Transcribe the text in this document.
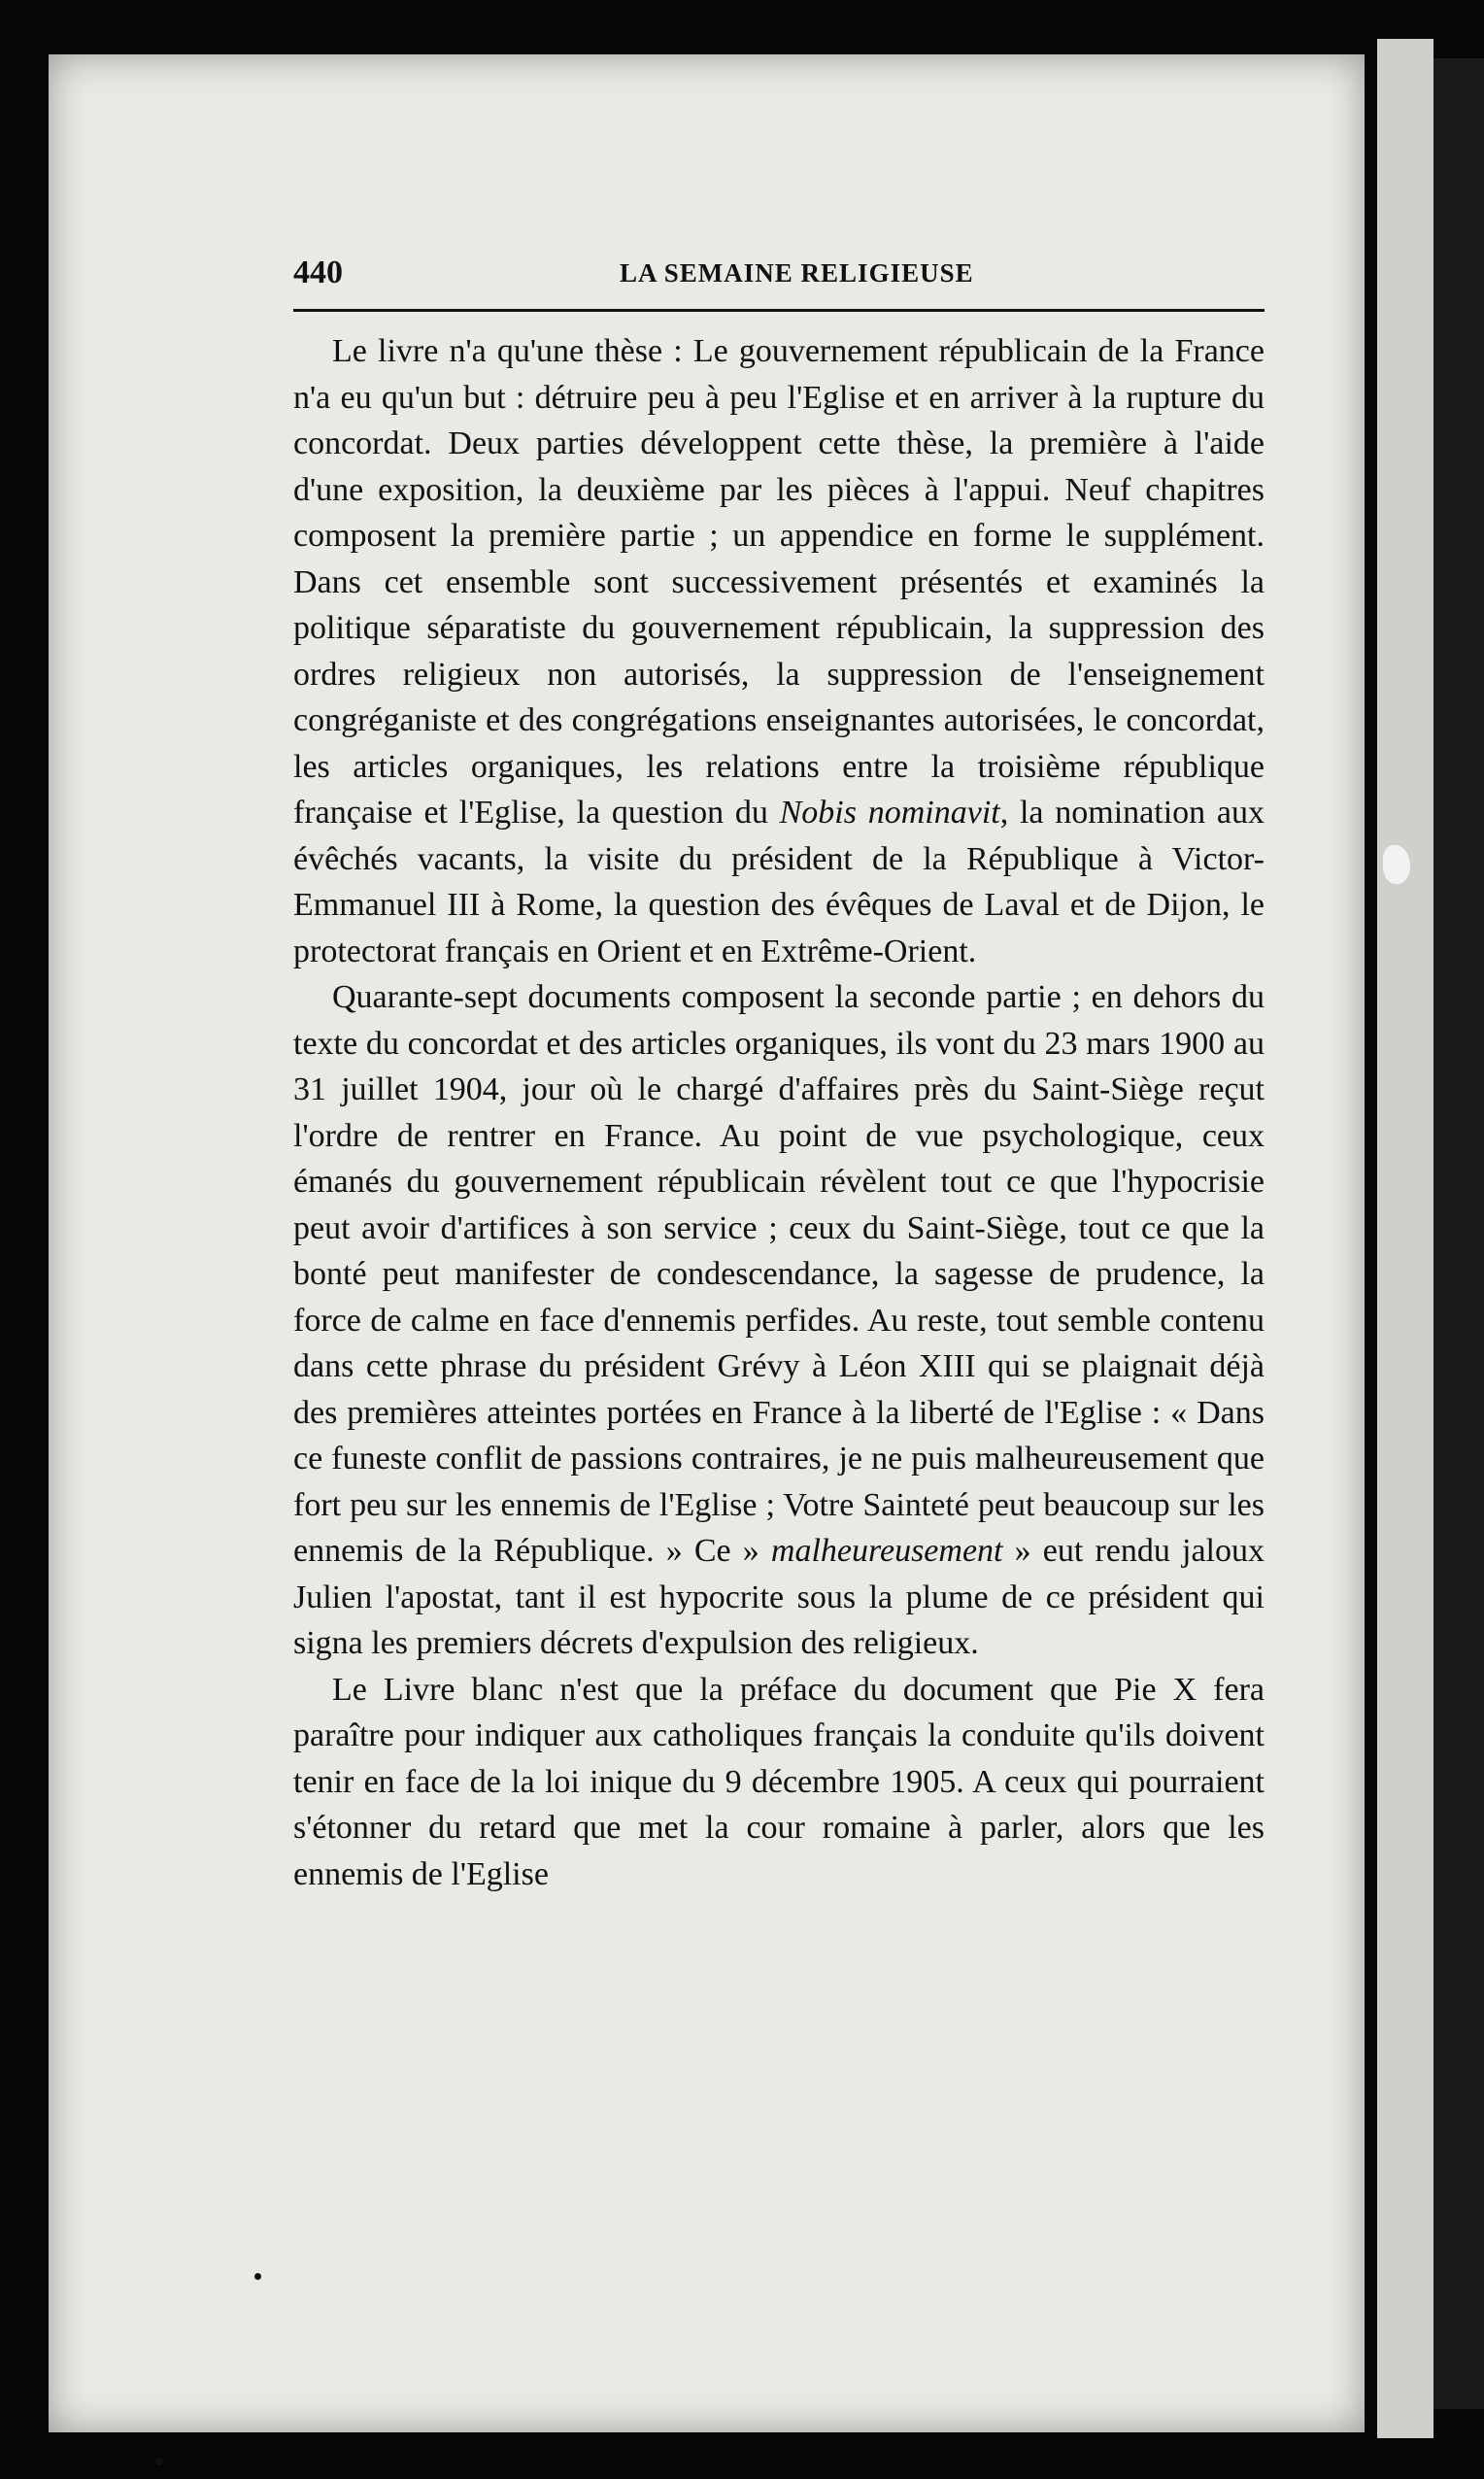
440	LA SEMAINE RELIGIEUSE

Le livre n'a qu'une thèse : Le gouvernement républicain de la France n'a eu qu'un but : détruire peu à peu l'Eglise et en arriver à la rupture du concordat. Deux parties développent cette thèse, la première à l'aide d'une exposition, la deuxième par les pièces à l'appui. Neuf chapitres composent la première partie ; un appendice en forme le supplément. Dans cet ensemble sont successivement présentés et examinés la politique séparatiste du gouvernement républicain, la suppression des ordres religieux non autorisés, la suppression de l'enseignement congréganiste et des congrégations enseignantes autorisées, le concordat, les articles organiques, les relations entre la troisième république française et l'Eglise, la question du Nobis nominavit, la nomination aux évêchés vacants, la visite du président de la République à Victor-Emmanuel III à Rome, la question des évêques de Laval et de Dijon, le protectorat français en Orient et en Extrême-Orient.

Quarante-sept documents composent la seconde partie ; en dehors du texte du concordat et des articles organiques, ils vont du 23 mars 1900 au 31 juillet 1904, jour où le chargé d'affaires près du Saint-Siège reçut l'ordre de rentrer en France. Au point de vue psychologique, ceux émanés du gouvernement républicain révèlent tout ce que l'hypocrisie peut avoir d'artifices à son service ; ceux du Saint-Siège, tout ce que la bonté peut manifester de condescendance, la sagesse de prudence, la force de calme en face d'ennemis perfides. Au reste, tout semble contenu dans cette phrase du président Grévy à Léon XIII qui se plaignait déjà des premières atteintes portées en France à la liberté de l'Eglise : « Dans ce funeste conflit de passions contraires, je ne puis malheureusement que fort peu sur les ennemis de l'Eglise ; Votre Sainteté peut beaucoup sur les ennemis de la République. » Ce » malheureusement » eut rendu jaloux Julien l'apostat, tant il est hypocrite sous la plume de ce président qui signa les premiers décrets d'expulsion des religieux.

Le Livre blanc n'est que la préface du document que Pie X fera paraître pour indiquer aux catholiques français la conduite qu'ils doivent tenir en face de la loi inique du 9 décembre 1905. A ceux qui pourraient s'étonner du retard que met la cour romaine à parler, alors que les ennemis de l'Eglise
